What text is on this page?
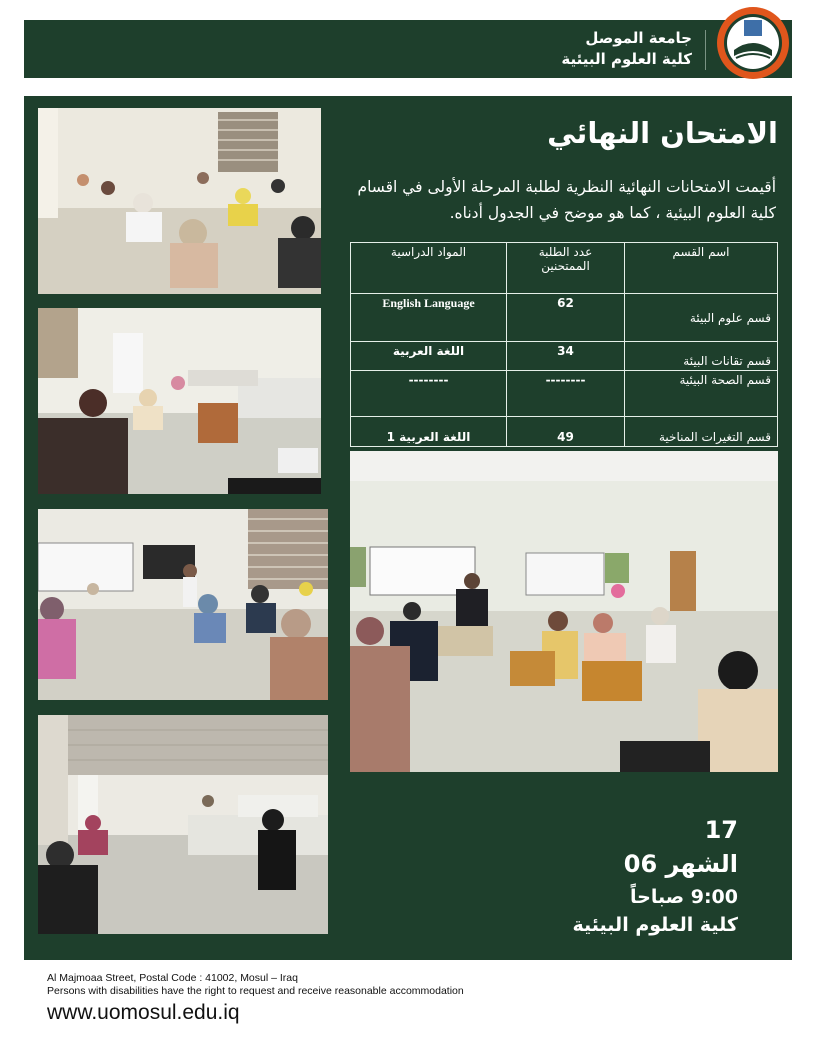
جامعة الموصل
كلية العلوم البيئية
الامتحان النهائي
أقيمت الامتحانات النهائية النظرية لطلبة المرحلة الأولى في اقسام كلية العلوم البيئية ، كما هو موضح في الجدول أدناه.
اسم القسم	عدد الطلبة الممتحنين	المواد الدراسية
قسم علوم البيئة	62	English Language
قسم تقانات البيئة	34	اللغة العربية
قسم الصحة البيئية	--------	--------
قسم التغيرات المناخية	49	اللغة العربية 1
17
الشهر 06
9:00 صباحاً
كلية العلوم البيئية
Al Majmoaa Street, Postal Code : 41002, Mosul – Iraq
Persons with disabilities have the right to request and receive reasonable accommodation
www.uomosul.edu.iq
